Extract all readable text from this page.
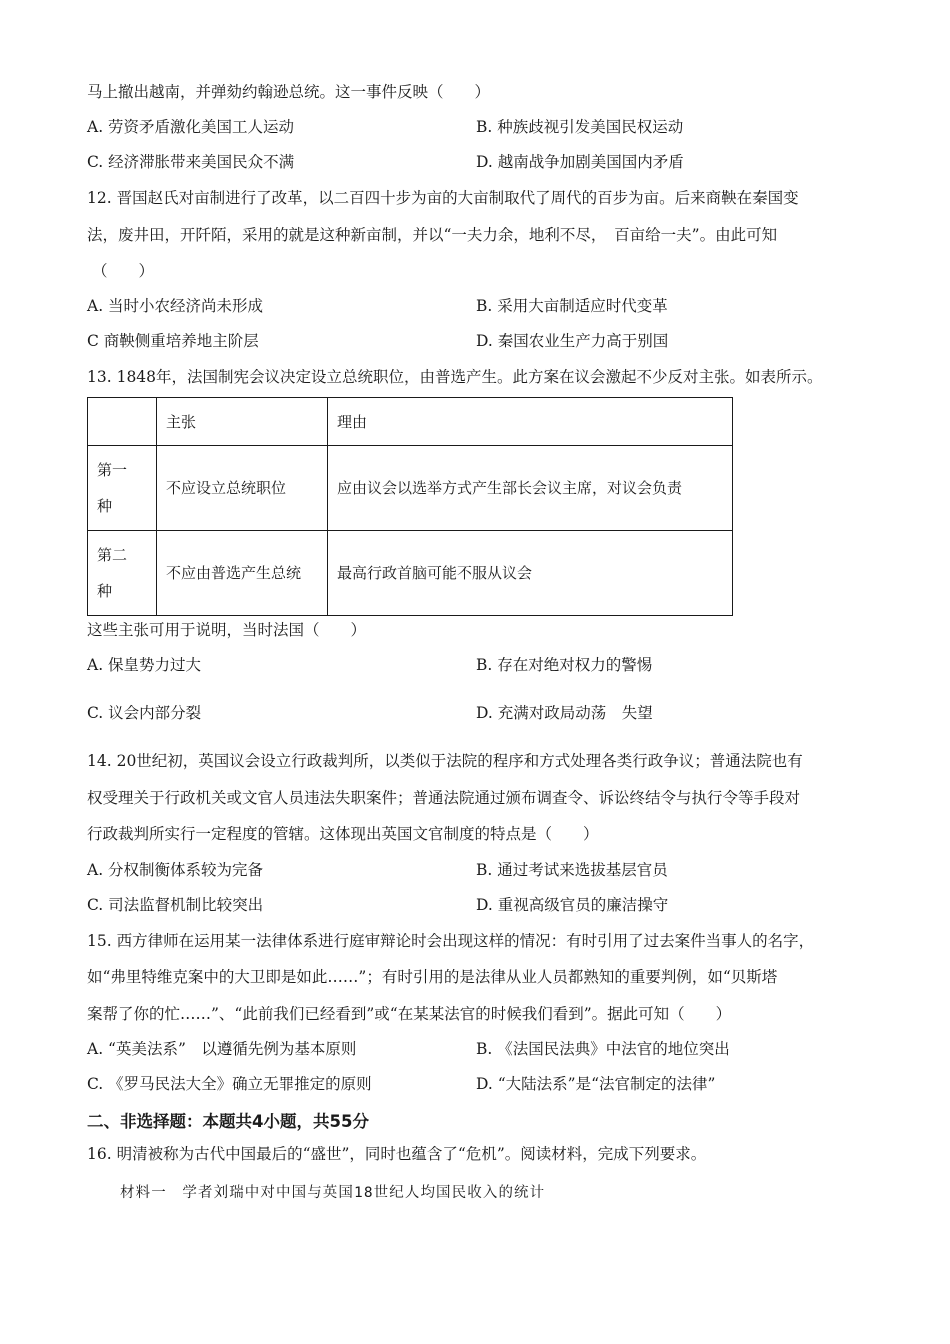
马上撤出越南，并弹劾约翰逊总统。这一事件反映（　　）
A. 劳资矛盾激化美国工人运动	B. 种族歧视引发美国民权运动
C. 经济滞胀带来美国民众不满	D. 越南战争加剧美国国内矛盾
12. 晋国赵氏对亩制进行了改革，以二百四十步为亩的大亩制取代了周代的百步为亩。后来商鞅在秦国变
法，废井田，开阡陌，采用的就是这种新亩制，并以“一夫力余，地利不尽，　百亩给一夫”。由此可知
（　　）
A. 当时小农经济尚未形成	B. 采用大亩制适应时代变革
C 商鞅侧重培养地主阶层	D. 秦国农业生产力高于别国
13. 1848年，法国制宪会议决定设立总统职位，由普选产生。此方案在议会激起不少反对主张。如表所示。
	主张	理由

第一
种	不应设立总统职位	应由议会以选举方式产生部长会议主席，对议会负责

第二
种	不应由普选产生总统	最高行政首脑可能不服从议会
这些主张可用于说明，当时法国（　　）
A. 保皇势力过大	B. 存在对绝对权力的警惕
C. 议会内部分裂	D. 充满对政局动荡　失望
14. 20世纪初，英国议会设立行政裁判所，以类似于法院的程序和方式处理各类行政争议；普通法院也有
权受理关于行政机关或文官人员违法失职案件；普通法院通过颁布调查令、诉讼终结令与执行令等手段对
行政裁判所实行一定程度的管辖。这体现出英国文官制度的特点是（　　）
A. 分权制衡体系较为完备	B. 通过考试来选拔基层官员
C. 司法监督机制比较突出	D. 重视高级官员的廉洁操守
15. 西方律师在运用某一法律体系进行庭审辩论时会出现这样的情况：有时引用了过去案件当事人的名字，
如“弗里特维克案中的大卫即是如此……”；有时引用的是法律从业人员都熟知的重要判例，如“贝斯塔
案帮了你的忙……”、“此前我们已经看到”或“在某某法官的时候我们看到”。据此可知（　　）
A. “英美法系”　以遵循先例为基本原则	B. 《法国民法典》中法官的地位突出
C. 《罗马民法大全》确立无罪推定的原则	D. “大陆法系”是“法官制定的法律”
二、非选择题：本题共4小题，共55分
16. 明清被称为古代中国最后的“盛世”，同时也蕴含了“危机”。阅读材料，完成下列要求。
材料一　学者刘瑞中对中国与英国18世纪人均国民收入的统计
